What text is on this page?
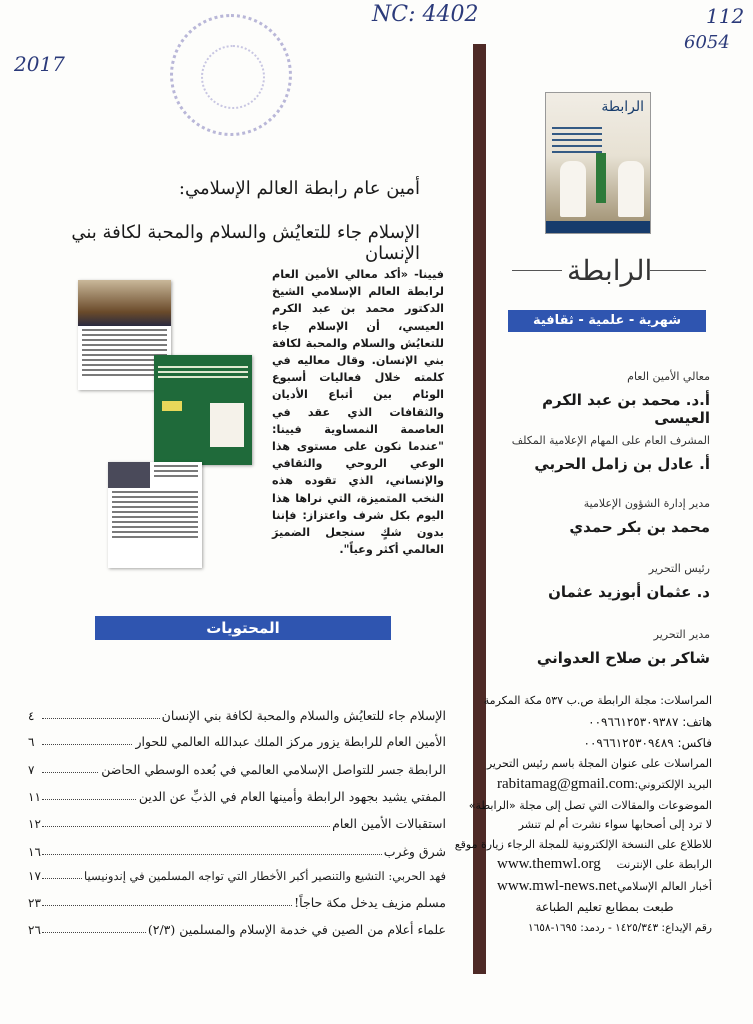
NC: 4402	112
6054
2017
أمين عام رابطة العالم الإسلامي:
الإسلام جاء للتعايُش والسلام والمحبة لكافة بني الإنسان
فيينا- «أكد معالي الأمين العام لرابطة العالم الإسلامي الشيخ الدكتور محمد بن عبد الكرم العيسي، أن الإسلام جاء للتعايُش والسلام والمحبة لكافة بني الإنسان. وقال معاليه في كلمته خلال فعاليات أسبوع الوئام بين أتباع الأديان والثقافات الذي عقد في العاصمة النمساوية فيينا: "عندما نكون على مستوى هذا الوعي الروحي والثقافي والإنساني، الذي تقوده هذه النخب المتميزة، التي نراها هذا اليوم بكل شرف واعتزاز: فإننا بدون شكٍ سنجعل الضميرَ العالمي أكثر وعياً".
المحتويات
الإسلام جاء للتعايُش والسلام والمحبة لكافة بني الإنسان
٤
الأمين العام للرابطة يزور مركز الملك عبدالله العالمي للحوار
٦
الرابطة جسر للتواصل الإسلامي العالمي في بُعده الوسطي الحاضن
٧
المفتي يشيد بجهود الرابطة وأمينها العام في الذبِّ عن الدين
١١
استقبالات الأمين العام
١٢
شرق وغرب
١٦
فهد الحربي: التشيع والتنصير أكبر الأخطار التي تواجه المسلمين في إندونيسيا
١٧
مسلم مزيف يدخل مكة حاجاً!
٢٣
علماء أعلام من الصين في خدمة الإسلام والمسلمين (٢/٣)
٢٦
الرابطة
الرابطة
شهرية - علمية - ثقافية
معالي الأمين العام
أ.د. محمد بن عبد الكرم العيسى
المشرف العام على المهام الإعلامية المكلف
أ. عادل بن زامل الحربي
مدير إدارة الشؤون الإعلامية
محمد بن بكر حمدي
رئيس التحرير
د. عثمان أبوزيد عثمان
مدير التحرير
شاكر بن صلاح العدواني
المراسلات: مجلة الرابطة ص.ب ٥٣٧ مكة المكرمة
هاتف: ٠٠٩٦٦١٢٥٣٠٩٣٨٧
فاكس: ٠٠٩٦٦١٢٥٣٠٩٤٨٩
المراسلات على عنوان المجلة باسم رئيس التحرير
البريد الإلكتروني:
rabitamag@gmail.com
الموضوعات والمقالات التي تصل إلى مجلة «الرابطة»
لا ترد إلى أصحابها سواء نشرت أم لم تنشر
للاطلاع على النسخة الإلكترونية للمجلة الرجاء زيارة موقع
الرابطة على الإنترنت
www.themwl.org
أخبار العالم الإسلامي
www.mwl-news.net
طبعت بمطابع تعليم الطباعة
رقم الإيداع: ١٤٢٥/٣٤٣ - ردمد: ١٦٩٥-١٦٥٨
